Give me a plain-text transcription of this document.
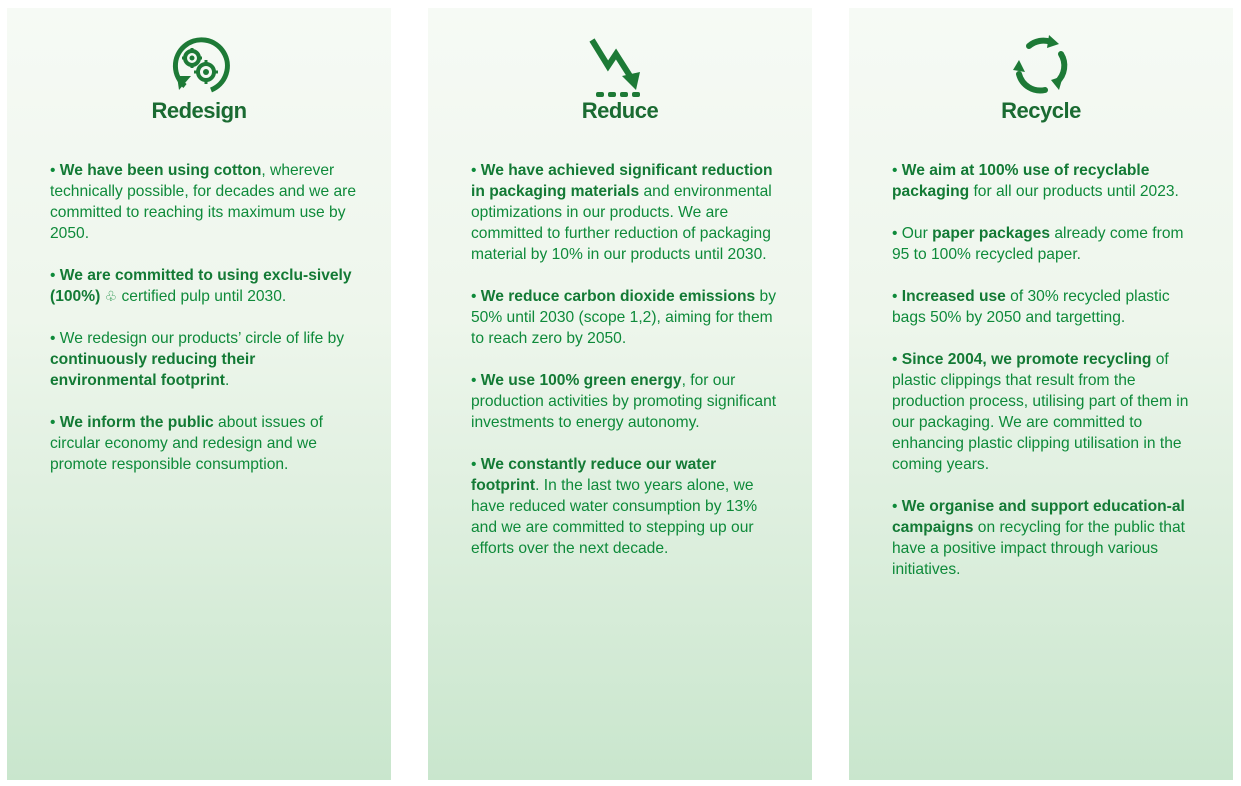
Redesign
• We have been using cotton, wherever technically possible, for decades and we are committed to reaching its maximum use by 2050.
• We are committed to using exclu-sively (100%) ♧ certified pulp until 2030.
• We redesign our products’ circle of life by continuously reducing their environmental footprint.
• We inform the public about issues of circular economy and redesign and we promote responsible consumption.
Reduce
• We have achieved significant reduction in packaging materials and environmental optimizations in our products. We are committed to further reduction of packaging material by 10% in our products until 2030.
• We reduce carbon dioxide emissions by 50% until 2030 (scope 1,2), aiming for them to reach zero by 2050.
• We use 100% green energy, for our production activities by promoting significant investments to energy autonomy.
• We constantly reduce our water footprint. In the last two years alone, we have reduced water consumption by 13% and we are committed to stepping up our efforts over the next decade.
Recycle
• We aim at 100% use of recyclable packaging for all our products until 2023.
• Our paper packages already come from 95 to 100% recycled paper.
• Increased use of 30% recycled plastic bags 50% by 2050 and targetting.
• Since 2004, we promote recycling of plastic clippings that result from the production process, utilising part of them in our packaging. We are committed to enhancing plastic clipping utilisation in the coming years.
• We organise and support education-al campaigns on recycling for the public that have a positive impact through various initiatives.
